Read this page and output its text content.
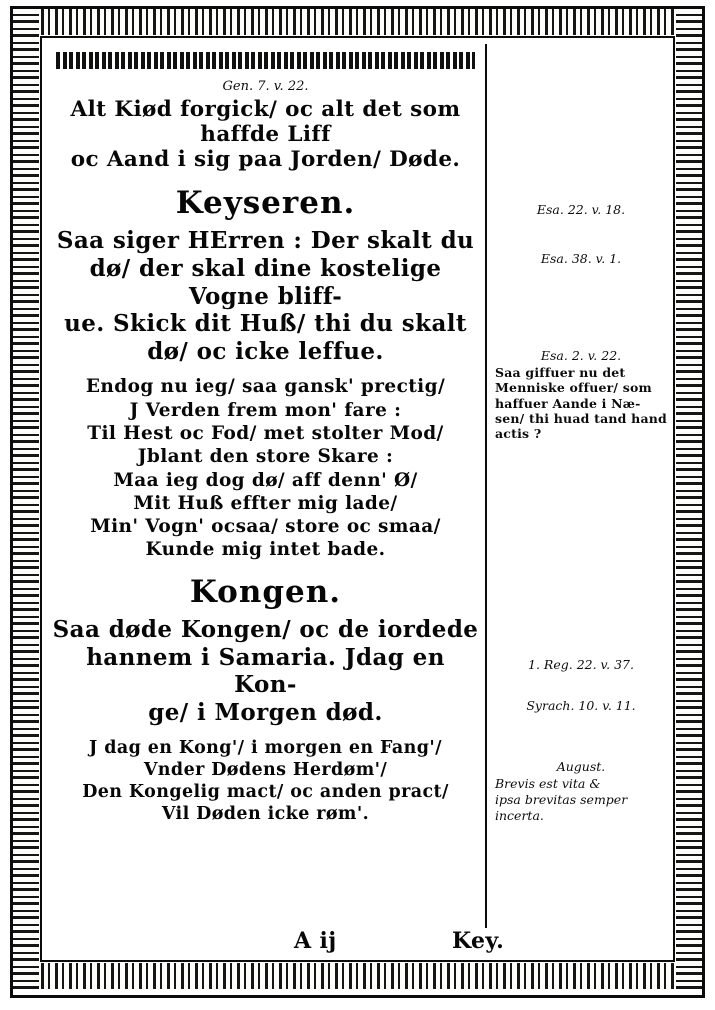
Gen. 7. v. 22.
Alt Kiød forgick/ oc alt det som haffde Liff
oc Aand i sig paa Jorden/ Døde.
Keyseren.
Saa siger HErren : Der skalt du
dø/ der skal dine kostelige Vogne bliff-
ue. Skick dit Huß/ thi du skalt
dø/ oc icke leffue.
Endog nu ieg/ saa gansk' prectig/
J Verden frem mon' fare :
Til Hest oc Fod/ met stolter Mod/
Jblant den store Skare :
Maa ieg dog dø/ aff denn' Ø/
Mit Huß effter mig lade/
Min' Vogn' ocsaa/ store oc smaa/
Kunde mig intet bade.
Kongen.
Saa døde Kongen/ oc de iordede
hannem i Samaria. Jdag en Kon-
ge/ i Morgen død.
J dag en Kong'/ i morgen en Fang'/
Vnder Dødens Herdøm'/
Den Kongelig mact/ oc anden pract/
Vil Døden icke røm'.
Esa. 22. v. 18.
Esa. 38. v. 1.
Esa. 2. v. 22.
Saa giffuer nu det
Menniske offuer/ som
haffuer Aande i Næ-
sen/ thi huad tand hand
actis ?
1. Reg. 22. v. 37.
Syrach. 10. v. 11.
August.
Brevis est vita &
ipsa brevitas semper
incerta.
A ij	Key.
